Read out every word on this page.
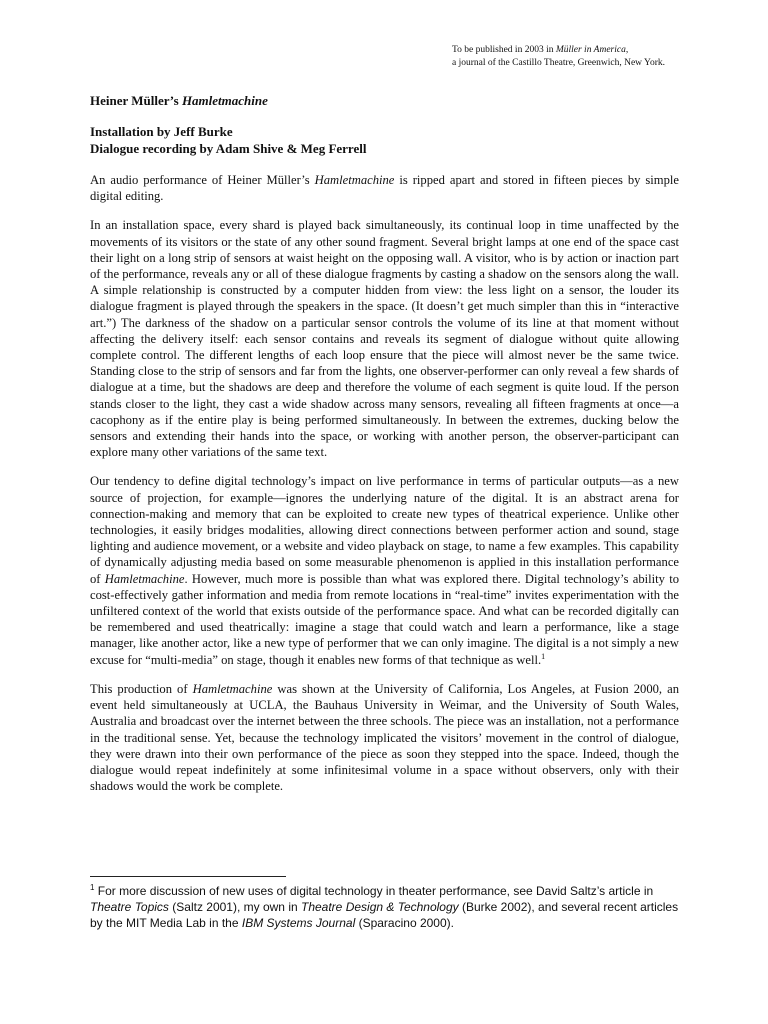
To be published in 2003 in Müller in America,
a journal of the Castillo Theatre, Greenwich, New York.
Heiner Müller’s Hamletmachine
Installation by Jeff Burke
Dialogue recording by Adam Shive & Meg Ferrell

An audio performance of Heiner Müller’s Hamletmachine is ripped apart and stored in fifteen pieces by simple digital editing.

In an installation space, every shard is played back simultaneously, its continual loop in time unaffected by the movements of its visitors or the state of any other sound fragment. Several bright lamps at one end of the space cast their light on a long strip of sensors at waist height on the opposing wall. A visitor, who is by action or inaction part of the performance, reveals any or all of these dialogue fragments by casting a shadow on the sensors along the wall. A simple relationship is constructed by a computer hidden from view: the less light on a sensor, the louder its dialogue fragment is played through the speakers in the space. (It doesn’t get much simpler than this in “interactive art.”) The darkness of the shadow on a particular sensor controls the volume of its line at that moment without affecting the delivery itself: each sensor contains and reveals its segment of dialogue without quite allowing complete control. The different lengths of each loop ensure that the piece will almost never be the same twice. Standing close to the strip of sensors and far from the lights, one observer-performer can only reveal a few shards of dialogue at a time, but the shadows are deep and therefore the volume of each segment is quite loud. If the person stands closer to the light, they cast a wide shadow across many sensors, revealing all fifteen fragments at once—a cacophony as if the entire play is being performed simultaneously. In between the extremes, ducking below the sensors and extending their hands into the space, or working with another person, the observer-participant can explore many other variations of the same text.

Our tendency to define digital technology’s impact on live performance in terms of particular outputs—as a new source of projection, for example—ignores the underlying nature of the digital. It is an abstract arena for connection-making and memory that can be exploited to create new types of theatrical experience. Unlike other technologies, it easily bridges modalities, allowing direct connections between performer action and sound, stage lighting and audience movement, or a website and video playback on stage, to name a few examples. This capability of dynamically adjusting media based on some measurable phenomenon is applied in this installation performance of Hamletmachine. However, much more is possible than what was explored there. Digital technology’s ability to cost-effectively gather information and media from remote locations in “real-time” invites experimentation with the unfiltered context of the world that exists outside of the performance space. And what can be recorded digitally can be remembered and used theatrically: imagine a stage that could watch and learn a performance, like a stage manager, like another actor, like a new type of performer that we can only imagine. The digital is a not simply a new excuse for “multi-media” on stage, though it enables new forms of that technique as well.$^1$

This production of Hamletmachine was shown at the University of California, Los Angeles, at Fusion 2000, an event held simultaneously at UCLA, the Bauhaus University in Weimar, and the University of South Wales, Australia and broadcast over the internet between the three schools. The piece was an installation, not a performance in the traditional sense. Yet, because the technology implicated the visitors’ movement in the control of dialogue, they were drawn into their own performance of the piece as soon they stepped into the space. Indeed, though the dialogue would repeat indefinitely at some infinitesimal volume in a space without observers, only with their shadows would the work be complete.

$^1$ For more discussion of new uses of digital technology in theater performance, see David Saltz’s article in Theatre Topics (Saltz 2001), my own in Theatre Design & Technology (Burke 2002), and several recent articles by the MIT Media Lab in the IBM Systems Journal (Sparacino 2000).
